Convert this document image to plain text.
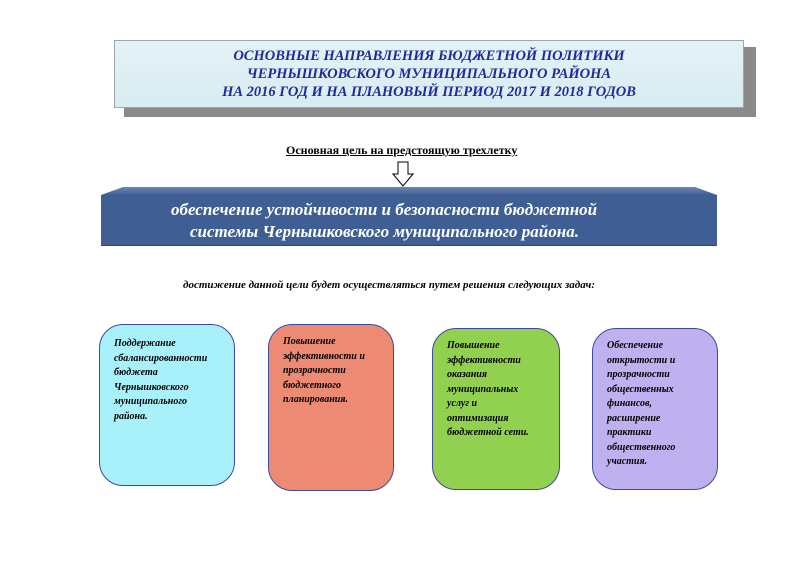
ОСНОВНЫЕ НАПРАВЛЕНИЯ БЮДЖЕТНОЙ ПОЛИТИКИ
ЧЕРНЫШКОВСКОГО МУНИЦИПАЛЬНОГО РАЙОНА
НА 2016 ГОД И НА ПЛАНОВЫЙ ПЕРИОД 2017 И 2018 ГОДОВ
Основная цель на предстоящую трехлетку
обеспечение устойчивости и безопасности бюджетной
системы Чернышковского муниципального района.
достижение данной цели будет осуществляться путем решения следующих задач:
Поддержание
сбалансированности
бюджета
Чернышковского
муниципального
района.
Повышение
эффективности и
прозрачности
бюджетного
планирования.
Повышение
эффективности
оказания
муниципальных
услуг и
оптимизация
бюджетной сети.
Обеспечение
открытости и
прозрачности
общественных
финансов,
расширение
практики
общественного
участия.
